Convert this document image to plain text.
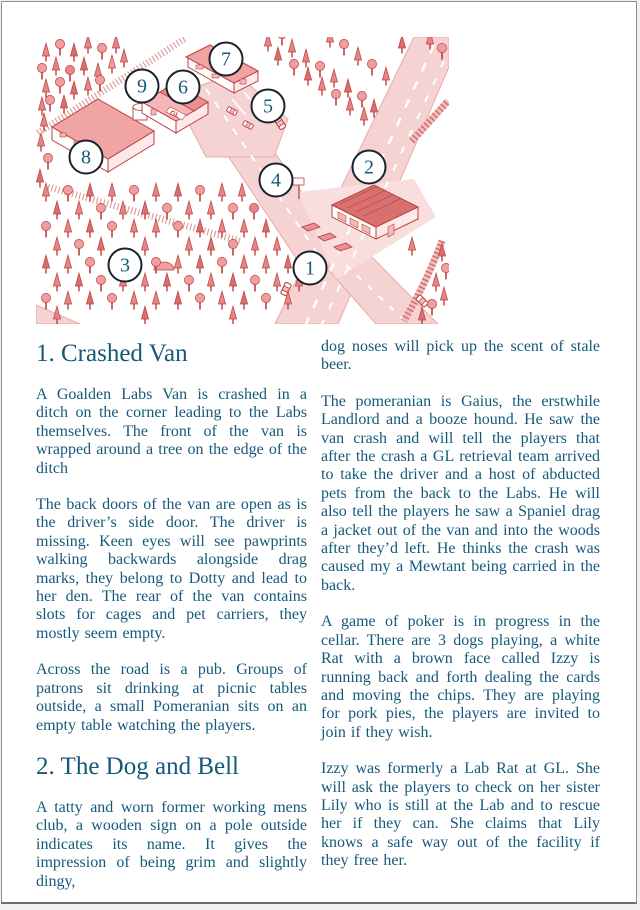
GL
1
2
3
4
5
6
7
8
9
1. Crashed Van

A Goalden Labs Van is crashed in a ditch on the corner leading to the Labs themselves. The front of the van is wrapped around a tree on the edge of the ditch

The back doors of the van are open as is the driver’s side door. The driver is missing. Keen eyes will see pawprints walking backwards alongside drag marks, they belong to Dotty and lead to her den. The rear of the van contains slots for cages and pet carriers, they mostly seem empty.

Across the road is a pub. Groups of patrons sit drinking at picnic tables outside, a small Pomeranian sits on an empty table watching the players.

2. The Dog and Bell

A tatty and worn former working mens club, a wooden sign on a pole outside indicates its name. It gives the impression of being grim and slightly dingy,

dog noses will pick up the scent of stale beer.

The pomeranian is Gaius, the erstwhile Landlord and a booze hound. He saw the van crash and will tell the players that after the crash a GL retrieval team arrived to take the driver and a host of abducted pets from the back to the Labs. He will also tell the players he saw a Spaniel drag a jacket out of the van and into the woods after they’d left. He thinks the crash was caused my a Mewtant being carried in the back.

A game of poker is in progress in the cellar. There are 3 dogs playing, a white Rat with a brown face called Izzy is running back and forth dealing the cards and moving the chips. They are playing for pork pies, the players are invited to join if they wish.

Izzy was formerly a Lab Rat at GL. She will ask the players to check on her sister Lily who is still at the Lab and to rescue her if they can. She claims that Lily knows a safe way out of the facility if they free her.
